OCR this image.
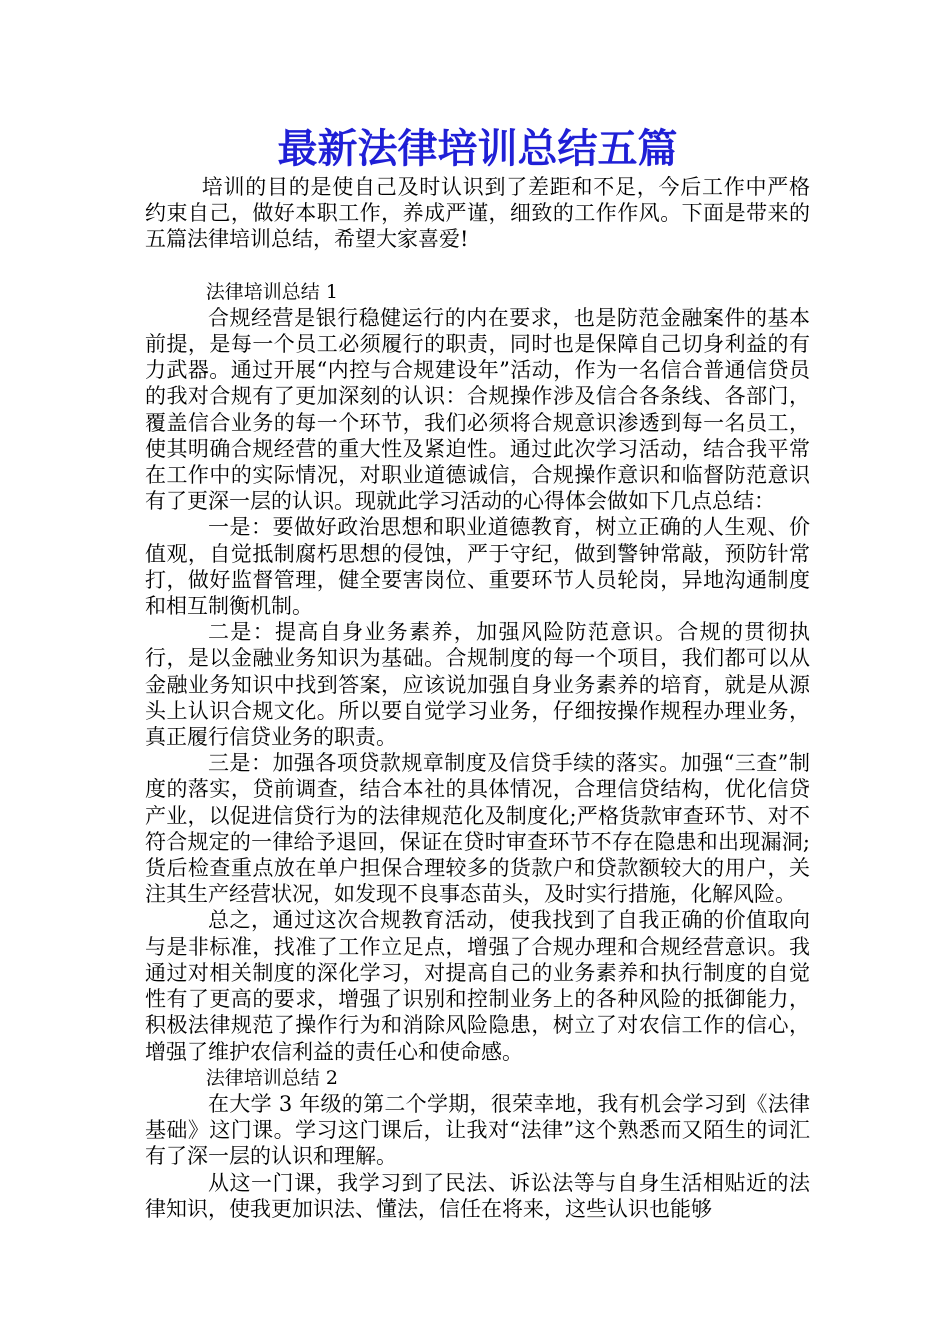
最新法律培训总结五篇

培训的目的是使自己及时认识到了差距和不足，今后工作中严格约束自己，做好本职工作，养成严谨，细致的工作作风。下面是带来的五篇法律培训总结，希望大家喜爱!

法律培训总结 1

合规经营是银行稳健运行的内在要求，也是防范金融案件的基本前提，是每一个员工必须履行的职责，同时也是保障自己切身利益的有力武器。通过开展“内控与合规建设年”活动，作为一名信合普通信贷员的我对合规有了更加深刻的认识：合规操作涉及信合各条线、各部门，覆盖信合业务的每一个环节，我们必须将合规意识渗透到每一名员工，使其明确合规经营的重大性及紧迫性。通过此次学习活动，结合我平常在工作中的实际情况，对职业道德诚信，合规操作意识和临督防范意识有了更深一层的认识。现就此学习活动的心得体会做如下几点总结：

一是：要做好政治思想和职业道德教育，树立正确的人生观、价值观，自觉抵制腐朽思想的侵蚀，严于守纪，做到警钟常敲，预防针常打，做好监督管理，健全要害岗位、重要环节人员轮岗，异地沟通制度和相互制衡机制。

二是：提高自身业务素养，加强风险防范意识。合规的贯彻执行，是以金融业务知识为基础。合规制度的每一个项目，我们都可以从金融业务知识中找到答案，应该说加强自身业务素养的培育，就是从源头上认识合规文化。所以要自觉学习业务，仔细按操作规程办理业务，真正履行信贷业务的职责。

三是：加强各项贷款规章制度及信贷手续的落实。加强“三查”制度的落实，贷前调查，结合本社的具体情况，合理信贷结构，优化信贷产业，以促进信贷行为的法律规范化及制度化;严格货款审查环节、对不符合规定的一律给予退回，保证在贷时审查环节不存在隐患和出现漏洞;货后检查重点放在单户担保合理较多的货款户和贷款额较大的用户，关注其生产经营状况，如发现不良事态苗头，及时实行措施，化解风险。

总之，通过这次合规教育活动，使我找到了自我正确的价值取向与是非标准，找准了工作立足点，增强了合规办理和合规经营意识。我通过对相关制度的深化学习，对提高自己的业务素养和执行制度的自觉性有了更高的要求，增强了识别和控制业务上的各种风险的抵御能力，积极法律规范了操作行为和消除风险隐患，树立了对农信工作的信心，增强了维护农信利益的责任心和使命感。

法律培训总结 2

在大学 3 年级的第二个学期，很荣幸地，我有机会学习到《法律基础》这门课。学习这门课后，让我对“法律”这个熟悉而又陌生的词汇有了深一层的认识和理解。

从这一门课，我学习到了民法、诉讼法等与自身生活相贴近的法律知识，使我更加识法、懂法，信任在将来，这些认识也能够
